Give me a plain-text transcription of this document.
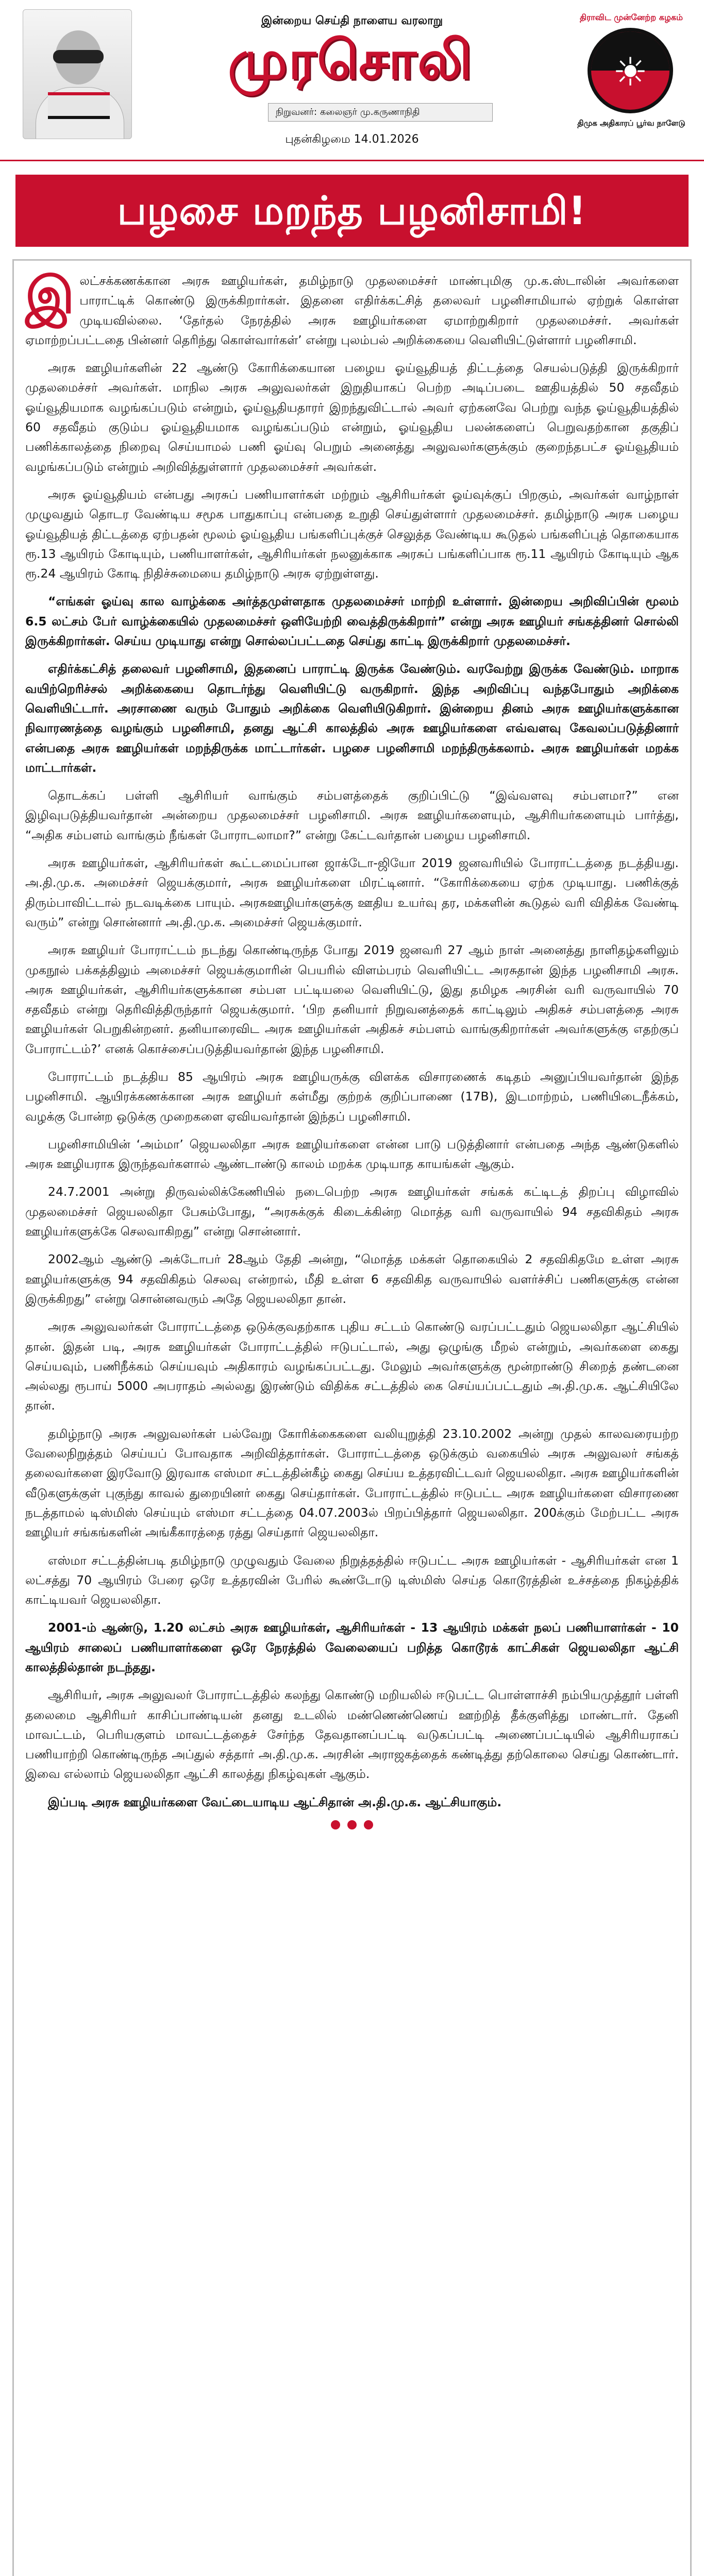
இன்றைய செய்தி நாளைய வரலாறு
முரசொலி
நிறுவனர்: கலைஞர் மு.கருணாநிதி
திராவிட முன்னேற்ற கழகம்
☀
திமுக அதிகாரப் பூர்வ நாளேடு
புதன்கிழமை 14.01.2026
பழசை மறந்த பழனிசாமி!

இலட்சக்கணக்கான அரசு ஊழியர்கள், தமிழ்நாடு முதலமைச்சர் மாண்புமிகு மு.க.ஸ்டாலின் அவர்களை பாராட்டிக் கொண்டு இருக்கிறார்கள். இதனை எதிர்க்கட்சித் தலைவர் பழனிசாமியால் ஏற்றுக் கொள்ள முடியவில்லை. ‘தேர்தல் நேரத்தில் அரசு ஊழியர்களை ஏமாற்றுகிறார் முதலமைச்சர். அவர்கள் ஏமாற்றப்பட்டதை பின்னர் தெரிந்து கொள்வார்கள்’ என்று புலம்பல் அறிக்கையை வெளியிட்டுள்ளார் பழனிசாமி.

அரசு ஊழியர்களின் 22 ஆண்டு கோரிக்கையான பழைய ஓய்வூதியத் திட்டத்தை செயல்படுத்தி இருக்கிறார் முதலமைச்சர் அவர்கள். மாநில அரசு அலுவலர்கள் இறுதியாகப் பெற்ற அடிப்படை ஊதியத்தில் 50 சதவீதம் ஓய்வூதியமாக வழங்கப்படும் என்றும், ஓய்வூதியதாரர் இறந்துவிட்டால் அவர் ஏற்கனவே பெற்று வந்த ஓய்வூதியத்தில் 60 சதவீதம் குடும்ப ஓய்வூதியமாக வழங்கப்படும் என்றும், ஓய்வூதிய பலன்களைப் பெறுவதற்கான தகுதிப் பணிக்காலத்தை நிறைவு செய்யாமல் பணி ஓய்வு பெறும் அனைத்து அலுவலர்களுக்கும் குறைந்தபட்ச ஓய்வூதியம் வழங்கப்படும் என்றும் அறிவித்துள்ளார் முதலமைச்சர் அவர்கள்.

அரசு ஓய்வூதியம் என்பது அரசுப் பணியாளர்கள் மற்றும் ஆசிரியர்கள் ஓய்வுக்குப் பிறகும், அவர்கள் வாழ்நாள் முழுவதும் தொடர வேண்டிய சமூக பாதுகாப்பு என்பதை உறுதி செய்துள்ளார் முதலமைச்சர். தமிழ்நாடு அரசு பழைய ஓய்வூதியத் திட்டத்தை ஏற்பதன் மூலம் ஓய்வூதிய பங்களிப்புக்குச் செலுத்த வேண்டிய கூடுதல் பங்களிப்புத் தொகையாக ரூ.13 ஆயிரம் கோடியும், பணியாளர்கள், ஆசிரியர்கள் நலனுக்காக அரசுப் பங்களிப்பாக ரூ.11 ஆயிரம் கோடியும் ஆக ரூ.24 ஆயிரம் கோடி நிதிச்சுமையை தமிழ்நாடு அரசு ஏற்றுள்ளது.

“எங்கள் ஓய்வு கால வாழ்க்கை அர்த்தமுள்ளதாக முதலமைச்சர் மாற்றி உள்ளார். இன்றைய அறிவிப்பின் மூலம் 6.5 லட்சம் பேர் வாழ்க்கையில் முதலமைச்சர் ஒளியேற்றி வைத்திருக்கிறார்” என்று அரசு ஊழியர் சங்கத்தினர் சொல்லி இருக்கிறார்கள். செய்ய முடியாது என்று சொல்லப்பட்டதை செய்து காட்டி இருக்கிறார் முதலமைச்சர்.

எதிர்க்கட்சித் தலைவர் பழனிசாமி, இதனைப் பாராட்டி இருக்க வேண்டும். வரவேற்று இருக்க வேண்டும். மாறாக வயிற்றெரிச்சல் அறிக்கையை தொடர்ந்து வெளியிட்டு வருகிறார். இந்த அறிவிப்பு வந்தபோதும் அறிக்கை வெளியிட்டார். அரசாணை வரும் போதும் அறிக்கை வெளியிடுகிறார். இன்றைய தினம் அரசு ஊழியர்களுக்கான நிவாரணத்தை வழங்கும் பழனிசாமி, தனது ஆட்சி காலத்தில் அரசு ஊழியர்களை எவ்வளவு கேவலப்படுத்தினார் என்பதை அரசு ஊழியர்கள் மறந்திருக்க மாட்டார்கள். பழசை பழனிசாமி மறந்திருக்கலாம். அரசு ஊழியர்கள் மறக்க மாட்டார்கள்.

தொடக்கப் பள்ளி ஆசிரியர் வாங்கும் சம்பளத்தைக் குறிப்பிட்டு “இவ்வளவு சம்பளமா?” என இழிவுபடுத்தியவர்தான் அன்றைய முதலமைச்சர் பழனிசாமி. அரசு ஊழியர்களையும், ஆசிரியர்களையும் பார்த்து, “அதிக சம்பளம் வாங்கும் நீங்கள் போராடலாமா?” என்று கேட்டவர்தான் பழைய பழனிசாமி.

அரசு ஊழியர்கள், ஆசிரியர்கள் கூட்டமைப்பான ஜாக்டோ-ஜியோ 2019 ஜனவரியில் போராட்டத்தை நடத்தியது. அ.தி.மு.க. அமைச்சர் ஜெயக்குமார், அரசு ஊழியர்களை மிரட்டினார். “கோரிக்கையை ஏற்க முடியாது. பணிக்குத் திரும்பாவிட்டால் நடவடிக்கை பாயும். அரசுஊழியர்களுக்கு ஊதிய உயர்வு தர, மக்களின் கூடுதல் வரி விதிக்க வேண்டி வரும்” என்று சொன்னார் அ.தி.மு.க. அமைச்சர் ஜெயக்குமார்.

அரசு ஊழியர் போராட்டம் நடந்து கொண்டிருந்த போது 2019 ஜனவரி 27 ஆம் நாள் அனைத்து நாளிதழ்களிலும் முகநூல் பக்கத்திலும் அமைச்சர் ஜெயக்குமாரின் பெயரில் விளம்பரம் வெளியிட்ட அரசுதான் இந்த பழனிசாமி அரசு. அரசு ஊழியர்கள், ஆசிரியர்களுக்கான சம்பள பட்டியலை வெளியிட்டு, இது தமிழக அரசின் வரி வருவாயில் 70 சதவீதம் என்று தெரிவித்திருந்தார் ஜெயக்குமார். ‘பிற தனியார் நிறுவனத்தைக் காட்டிலும் அதிகச் சம்பளத்தை அரசு ஊழியர்கள் பெறுகின்றனர். தனியாரைவிட அரசு ஊழியர்கள் அதிகச் சம்பளம் வாங்குகிறார்கள் அவர்களுக்கு எதற்குப் போராட்டம்?’ எனக் கொச்சைப்படுத்தியவர்தான் இந்த பழனிசாமி.

போராட்டம் நடத்திய 85 ஆயிரம் அரசு ஊழியருக்கு விளக்க விசாரணைக் கடிதம் அனுப்பியவர்தான் இந்த பழனிசாமி. ஆயிரக்கணக்கான அரசு ஊழியர் கள்மீது குற்றக் குறிப்பாணை (17B), இடமாற்றம், பணியிடைநீக்கம், வழக்கு போன்ற ஒடுக்கு முறைகளை ஏவியவர்தான் இந்தப் பழனிசாமி.

பழனிசாமியின் ‘அம்மா’ ஜெயலலிதா அரசு ஊழியர்களை என்ன பாடு படுத்தினார் என்பதை அந்த ஆண்டுகளில் அரசு ஊழியராக இருந்தவர்களால் ஆண்டாண்டு காலம் மறக்க முடியாத காயங்கள் ஆகும்.

24.7.2001 அன்று திருவல்லிக்கேணியில் நடைபெற்ற அரசு ஊழியர்கள் சங்கக் கட்டிடத் திறப்பு விழாவில் முதலமைச்சர் ஜெயலலிதா பேசும்போது, “அரசுக்குக் கிடைக்கின்ற மொத்த வரி வருவாயில் 94 சதவிகிதம் அரசு ஊழியர்களுக்கே செலவாகிறது” என்று சொன்னார்.

2002ஆம் ஆண்டு அக்டோபர் 28ஆம் தேதி அன்று, “மொத்த மக்கள் தொகையில் 2 சதவிகிதமே உள்ள அரசு ஊழியர்களுக்கு 94 சதவிகிதம் செலவு என்றால், மீதி உள்ள 6 சதவிகித வருவாயில் வளர்ச்சிப் பணிகளுக்கு என்ன இருக்கிறது” என்று சொன்னவரும் அதே ஜெயலலிதா தான்.

அரசு அலுவலர்கள் போராட்டத்தை ஒடுக்குவதற்காக புதிய சட்டம் கொண்டு வரப்பட்டதும் ஜெயலலிதா ஆட்சியில் தான். இதன் படி, அரசு ஊழியர்கள் போராட்டத்தில் ஈடுபட்டால், அது ஒழுங்கு மீறல் என்றும், அவர்களை கைது செய்யவும், பணிநீக்கம் செய்யவும் அதிகாரம் வழங்கப்பட்டது. மேலும் அவர்களுக்கு மூன்றாண்டு சிறைத் தண்டனை அல்லது ரூபாய் 5000 அபராதம் அல்லது இரண்டும் விதிக்க சட்டத்தில் கை செய்யப்பட்டதும் அ.தி.மு.க. ஆட்சியிலே தான்.

தமிழ்நாடு அரசு அலுவலர்கள் பல்வேறு கோரிக்கைகளை வலியுறுத்தி 23.10.2002 அன்று முதல் காலவரையற்ற வேலைநிறுத்தம் செய்யப் போவதாக அறிவித்தார்கள். போராட்டத்தை ஒடுக்கும் வகையில் அரசு அலுவலர் சங்கத் தலைவர்களை இரவோடு இரவாக எஸ்மா சட்டத்தின்கீழ் கைது செய்ய உத்தரவிட்டவர் ஜெயலலிதா. அரசு ஊழியர்களின் வீடுகளுக்குள் புகுந்து காவல் துறையினர் கைது செய்தார்கள். போராட்டத்தில் ஈடுபட்ட அரசு ஊழியர்களை விசாரணை நடத்தாமல் டிஸ்மிஸ் செய்யும் எஸ்மா சட்டத்தை 04.07.2003ல் பிறப்பித்தார் ஜெயலலிதா. 200க்கும் மேற்பட்ட அரசு ஊழியர் சங்கங்களின் அங்கீகாரத்தை ரத்து செய்தார் ஜெயலலிதா.

எஸ்மா சட்டத்தின்படி தமிழ்நாடு முழுவதும் வேலை நிறுத்தத்தில் ஈடுபட்ட அரசு ஊழியர்கள் - ஆசிரியர்கள் என 1 லட்சத்து 70 ஆயிரம் பேரை ஒரே உத்தரவின் பேரில் கூண்டோடு டிஸ்மிஸ் செய்த கொடூரத்தின் உச்சத்தை நிகழ்த்திக் காட்டியவர் ஜெயலலிதா.

2001-ம் ஆண்டு, 1.20 லட்சம் அரசு ஊழியர்கள், ஆசிரியர்கள் - 13 ஆயிரம் மக்கள் நலப் பணியாளர்கள் - 10 ஆயிரம் சாலைப் பணியாளர்களை ஒரே நேரத்தில் வேலையைப் பறித்த கொடூரக் காட்சிகள் ஜெயலலிதா ஆட்சி காலத்தில்தான் நடந்தது.

ஆசிரியர், அரசு அலுவலர் போராட்டத்தில் கலந்து கொண்டு மறியலில் ஈடுபட்ட பொள்ளாச்சி நம்பியமுத்தூர் பள்ளி தலைமை ஆசிரியர் காசிப்பாண்டியன் தனது உடலில் மண்ணெண்ணெய் ஊற்றித் தீக்குளித்து மாண்டார். தேனி மாவட்டம், பெரியகுளம் மாவட்டத்தைச் சேர்ந்த தேவதானப்பட்டி வடுகப்பட்டி அணைப்பட்டியில் ஆசிரியராகப் பணியாற்றி கொண்டிருந்த அப்துல் சத்தார் அ.தி.மு.க. அரசின் அராஜகத்தைக் கண்டித்து தற்கொலை செய்து கொண்டார். இவை எல்லாம் ஜெயலலிதா ஆட்சி காலத்து நிகழ்வுகள் ஆகும்.

இப்படி அரசு ஊழியர்களை வேட்டையாடிய ஆட்சிதான் அ.தி.மு.க. ஆட்சியாகும்.
